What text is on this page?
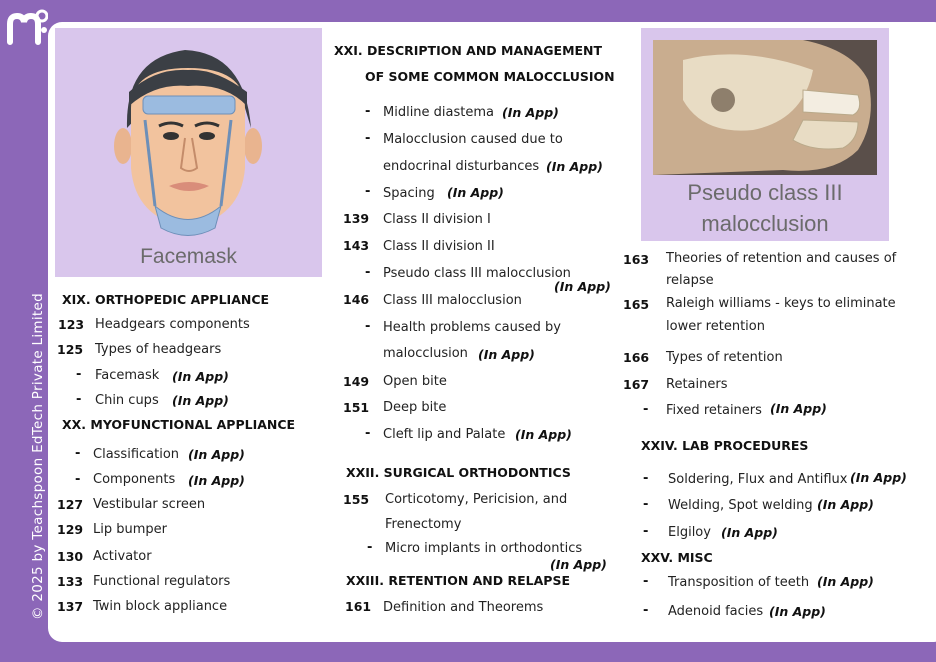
© 2025 by Teachspoon EdTech Private Limited
Facemask
Pseudo class III
malocclusion
XIX. ORTHOPEDIC APPLIANCE
123 Headgears components
125 Types of headgears
- Facemask (In App)
- Chin cups (In App)
XX. MYOFUNCTIONAL APPLIANCE
- Classification (In App)
- Components (In App)
127 Vestibular screen
129 Lip bumper
130 Activator
133 Functional regulators
137 Twin block appliance
XXI. DESCRIPTION AND MANAGEMENT
OF SOME COMMON MALOCCLUSION
- Midline diastema (In App)
- Malocclusion caused due to
endocrinal disturbances (In App)
- Spacing (In App)
139 Class II division I
143 Class II division II
- Pseudo class III malocclusion
(In App)
146 Class III malocclusion
- Health problems caused by
malocclusion (In App)
149 Open bite
151 Deep bite
- Cleft lip and Palate (In App)
XXII. SURGICAL ORTHODONTICS
155 Corticotomy, Pericision, and
Frenectomy
- Micro implants in orthodontics
(In App)
XXIII. RETENTION AND RELAPSE
161 Definition and Theorems
163 Theories of retention and causes of
relapse
165 Raleigh williams - keys to eliminate
lower retention
166 Types of retention
167 Retainers
- Fixed retainers (In App)
XXIV. LAB PROCEDURES
- Soldering, Flux and Antiflux (In App)
- Welding, Spot welding (In App)
- Elgiloy (In App)
XXV. MISC
- Transposition of teeth (In App)
- Adenoid facies (In App)
